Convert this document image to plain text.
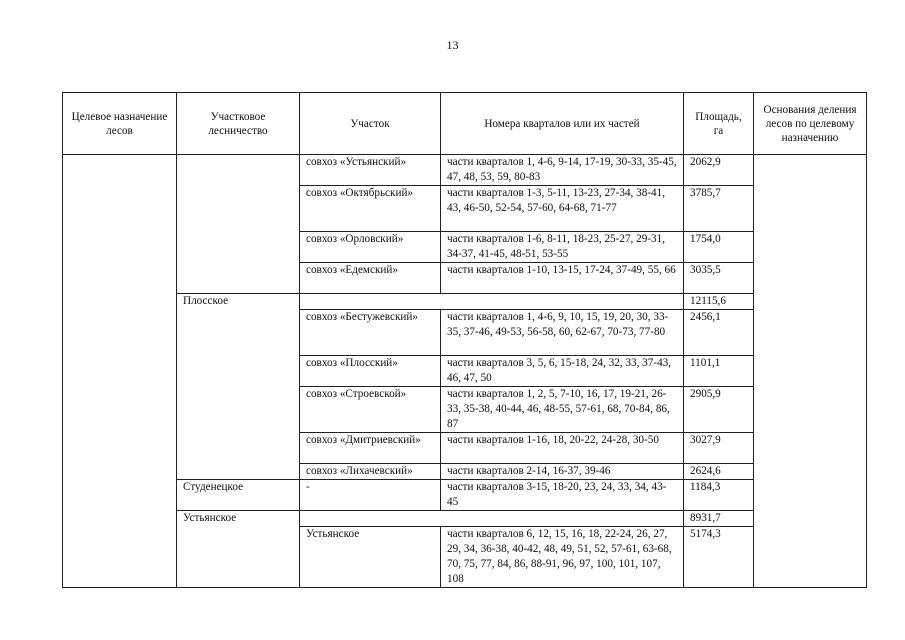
13
Целевое назначение лесов	Участковое лесничество	Участок	Номера кварталов или их частей	Площадь, га	Основания деления лесов по целевому назначению
		совхоз «Устьянский»	части кварталов 1, 4-6, 9-14, 17-19, 30-33, 35-45, 47, 48, 53, 59, 80-83	2062,9	
		совхоз «Октябрьский»	части кварталов 1-3, 5-11, 13-23, 27-34, 38-41, 43, 46-50, 52-54, 57-60, 64-68, 71-77	3785,7	
		совхоз «Орловский»	части кварталов 1-6, 8-11, 18-23, 25-27, 29-31, 34-37, 41-45, 48-51, 53-55	1754,0	
		совхоз «Едемский»	части кварталов 1-10, 13-15, 17-24, 37-49, 55, 66	3035,5	
	Плосское			12115,6	
		совхоз «Бестужевский»	части кварталов 1, 4-6, 9, 10, 15, 19, 20, 30, 33-35, 37-46, 49-53, 56-58, 60, 62-67, 70-73, 77-80	2456,1	
		совхоз «Плосский»	части кварталов 3, 5, 6, 15-18, 24, 32, 33, 37-43, 46, 47, 50	1101,1	
		совхоз «Строевской»	части кварталов 1, 2, 5, 7-10, 16, 17, 19-21, 26-33, 35-38, 40-44, 46, 48-55, 57-61, 68, 70-84, 86, 87	2905,9	
		совхоз «Дмитриевский»	части кварталов 1-16, 18, 20-22, 24-28, 30-50	3027,9	
		совхоз «Лихачевский»	части кварталов 2-14, 16-37, 39-46	2624,6	
	Студенецкое	-	части кварталов 3-15, 18-20, 23, 24, 33, 34, 43-45	1184,3	
	Устьянское			8931,7	
		Устьянское	части кварталов 6, 12, 15, 16, 18, 22-24, 26, 27, 29, 34, 36-38, 40-42, 48, 49, 51, 52, 57-61, 63-68, 70, 75, 77, 84, 86, 88-91, 96, 97, 100, 101, 107, 108	5174,3	
